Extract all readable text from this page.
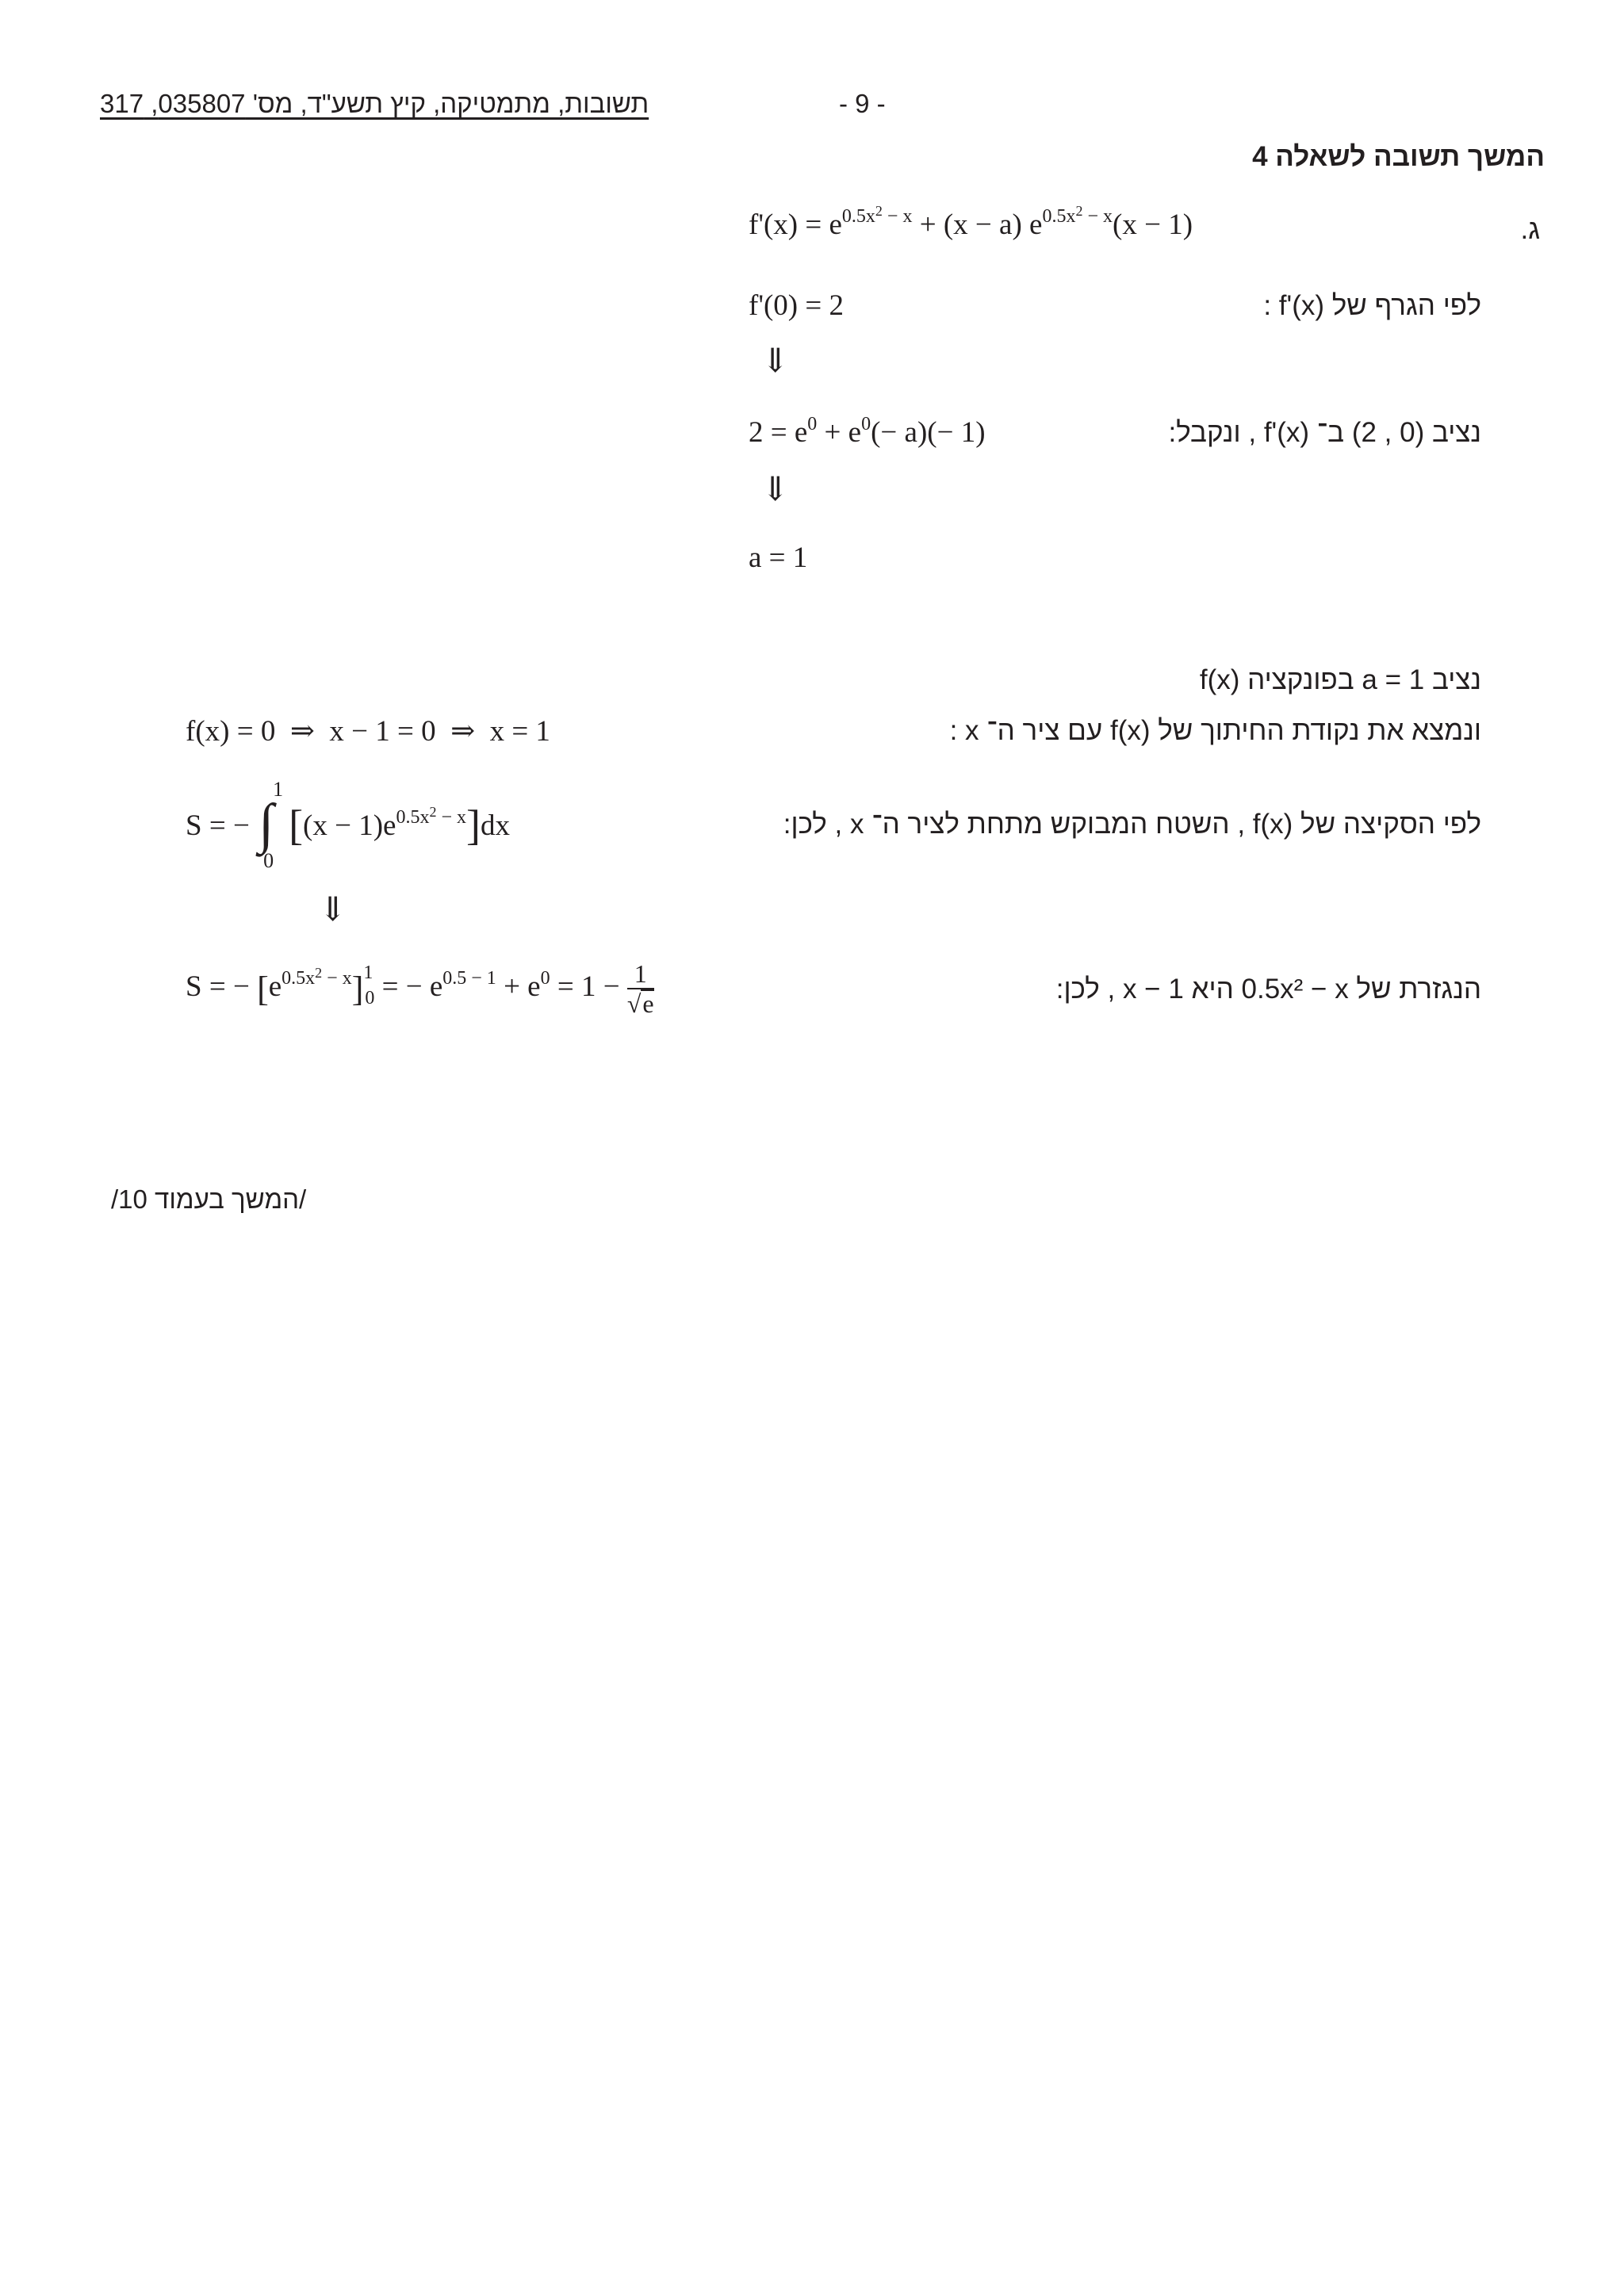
תשובות, מתמטיקה, קיץ תשע"ד, מס' 035807, 317	- 9 -
המשך תשובה לשאלה 4
ג.
$f'(x) = e^{0.5x^2 - x} + (x - a) e^{0.5x^2 - x}(x - 1)$
לפי הגרף של f'(x) :
f'(0) = 2
⇓
נציב (0 , 2) ב־ f'(x) , ונקבל:
$2 = e^0 + e^0(- a)(- 1)$
⇓
a = 1
נציב a = 1 בפונקציה f(x)
ונמצא את נקודת החיתוך של f(x) עם ציר ה־ x :
f(x) = 0  ⇒  x − 1 = 0  ⇒  x = 1
לפי הסקיצה של f(x) , השטח המבוקש מתחת לציר ה־ x , לכן:
S = − ∫
1
0
$[(x - 1)e^{0.5x^2 - x}]dx$
⇓
הנגזרת של 0.5x² − x היא x − 1 , לכן:
S = − $[e^{0.5x^2 - x}]^1_0$ = − $e^{0.5 - 1} + e^0 = 1 - \frac{1}{√e}$
/המשך בעמוד 10/
